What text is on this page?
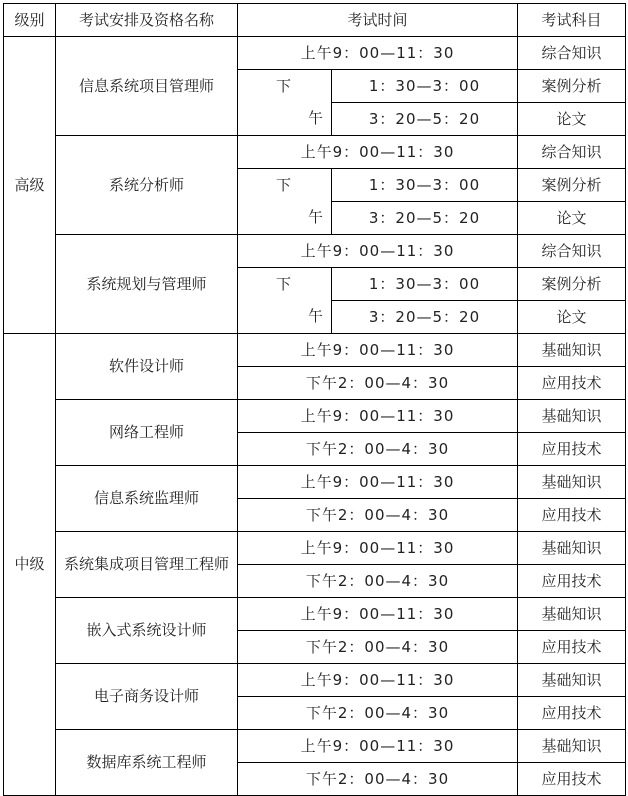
级别	考试安排及资格名称	考试时间		考试科目
高级	信息系统项目管理师	上午9：00—11：30		综合知识
		下	1：30—3：00	案例分析
		午	3：20—5：20	论文
	系统分析师	上午9：00—11：30		综合知识
		下	1：30—3：00	案例分析
		午	3：20—5：20	论文
	系统规划与管理师	上午9：00—11：30		综合知识
		下	1：30—3：00	案例分析
		午	3：20—5：20	论文
中级	软件设计师	上午9：00—11：30		基础知识
		下午2：00—4：30		应用技术
	网络工程师	上午9：00—11：30		基础知识
		下午2：00—4：30		应用技术
	信息系统监理师	上午9：00—11：30		基础知识
		下午2：00—4：30		应用技术
	系统集成项目管理工程师	上午9：00—11：30		基础知识
		下午2：00—4：30		应用技术
	嵌入式系统设计师	上午9：00—11：30		基础知识
		下午2：00—4：30		应用技术
	电子商务设计师	上午9：00—11：30		基础知识
		下午2：00—4：30		应用技术
	数据库系统工程师	上午9：00—11：30		基础知识
		下午2：00—4：30		应用技术
